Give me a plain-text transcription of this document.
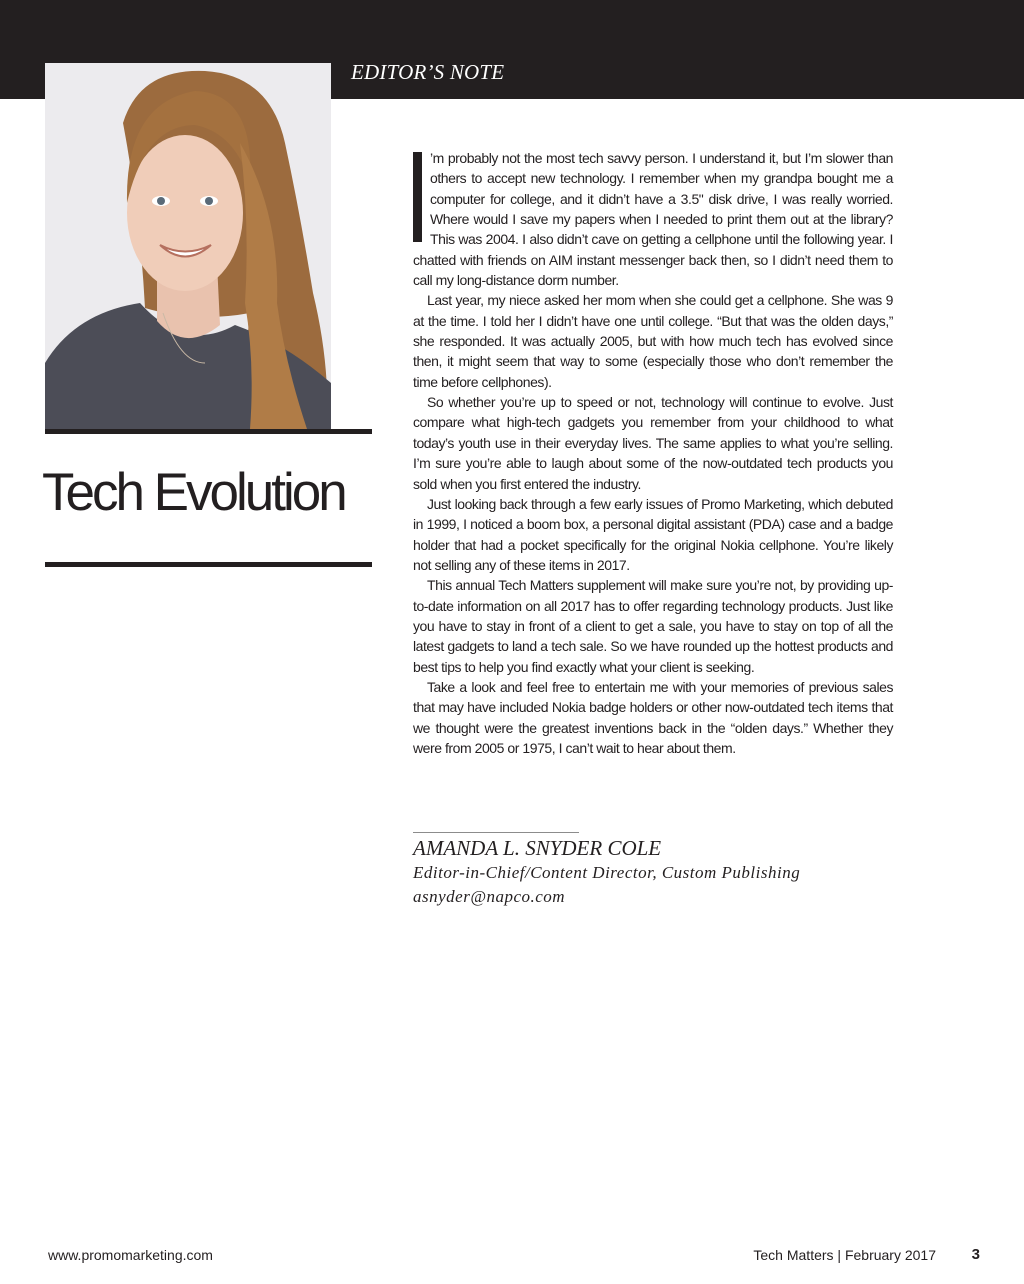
EDITOR’S NOTE
Tech Evolution

’m probably not the most tech savvy person. I understand it, but I’m slower than others to accept new technology. I remember when my grandpa bought me a computer for college, and it didn’t have a 3.5" disk drive, I was really worried. Where would I save my papers when I needed to print them out at the library? This was 2004. I also didn’t cave on getting a cellphone until the following year. I chatted with friends on AIM instant messenger back then, so I didn’t need them to call my long-distance dorm number.

Last year, my niece asked her mom when she could get a cellphone. She was 9 at the time. I told her I didn’t have one until college. “But that was the olden days,” she responded. It was actually 2005, but with how much tech has evolved since then, it might seem that way to some (especially those who don’t remember the time before cellphones).

So whether you’re up to speed or not, technology will continue to evolve. Just compare what high-tech gadgets you remember from your childhood to what today’s youth use in their everyday lives. The same applies to what you’re selling. I’m sure you’re able to laugh about some of the now-outdated tech products you sold when you first entered the industry.

Just looking back through a few early issues of Promo Marketing, which debuted in 1999, I noticed a boom box, a personal digital assistant (PDA) case and a badge holder that had a pocket specifically for the original Nokia cellphone. You’re likely not selling any of these items in 2017.

This annual Tech Matters supplement will make sure you’re not, by providing up-to-date information on all 2017 has to offer regarding technology products. Just like you have to stay in front of a client to get a sale, you have to stay on top of all the latest gadgets to land a tech sale. So we have rounded up the hottest products and best tips to help you find exactly what your client is seeking.

Take a look and feel free to entertain me with your memories of previous sales that may have included Nokia badge holders or other now-outdated tech items that we thought were the greatest inventions back in the “olden days.” Whether they were from 2005 or 1975, I can’t wait to hear about them.

AMANDA L. SNYDER COLE

Editor-in-Chief/Content Director, Custom Publishing

asnyder@napco.com

www.promomarketing.com	Tech Matters | February 2017 3
